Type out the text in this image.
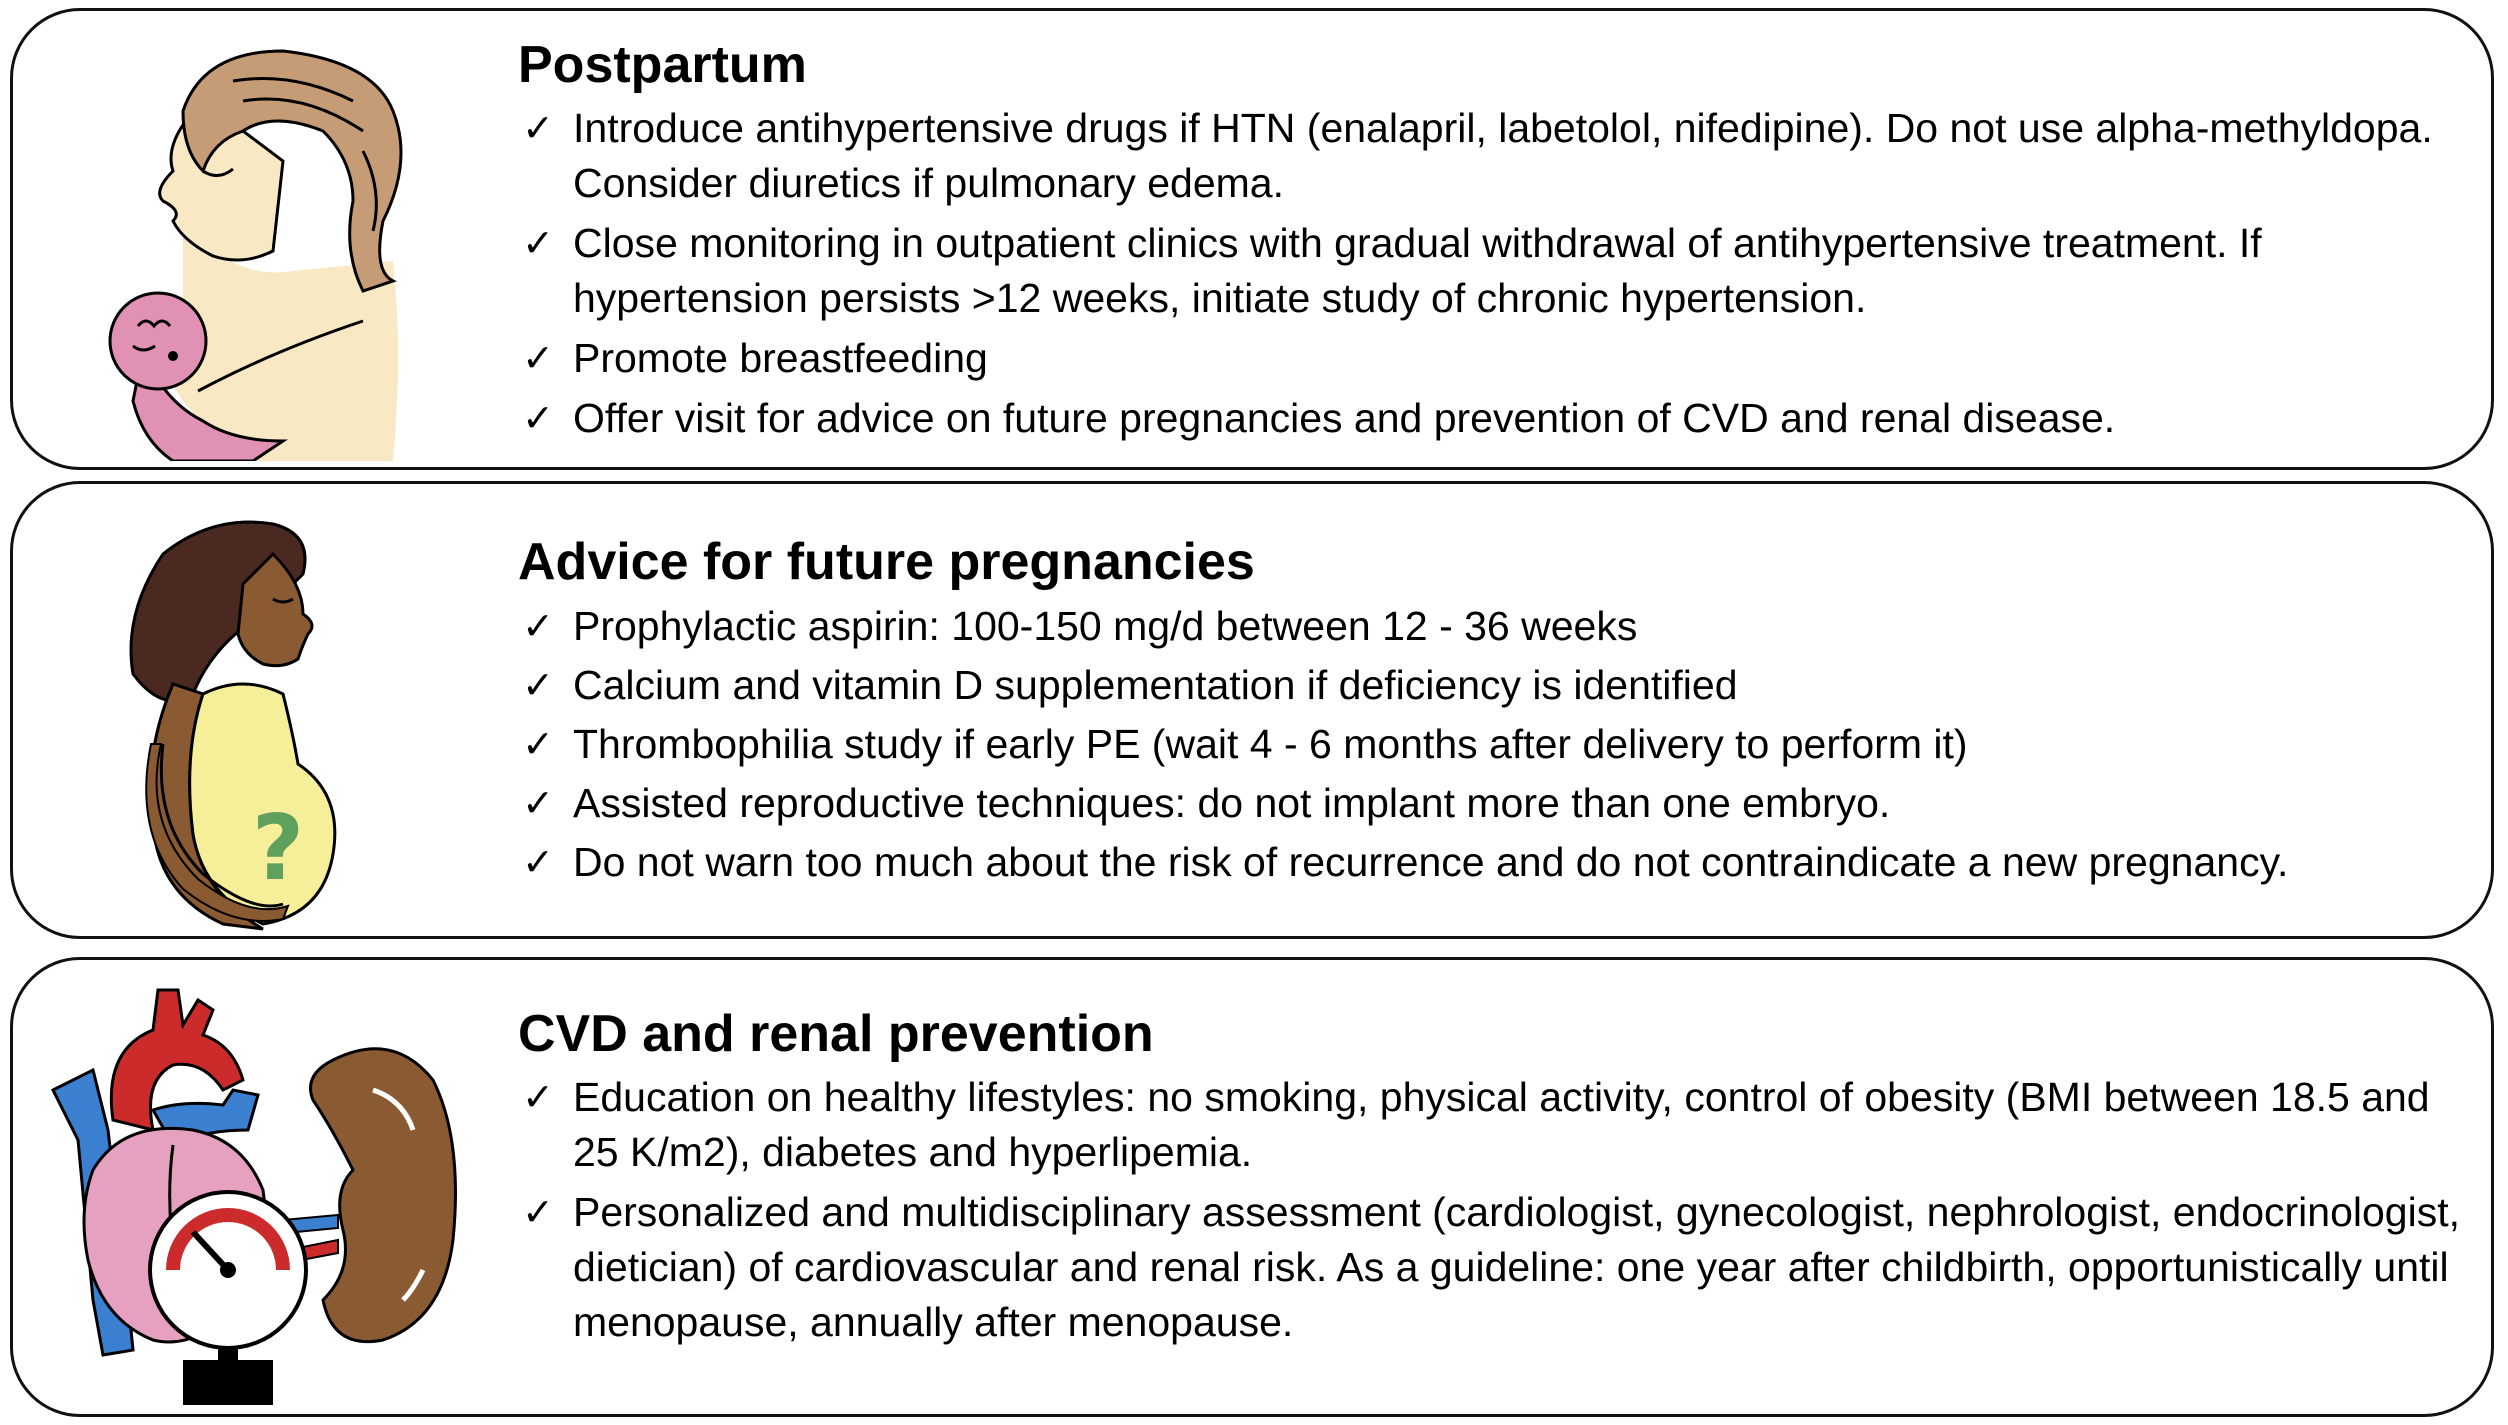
Postpartum
✓ Introduce antihypertensive drugs if HTN (enalapril, labetolol, nifedipine). Do not use alpha-methyldopa. Consider diuretics if pulmonary edema.
✓ Close monitoring in outpatient clinics with gradual withdrawal of antihypertensive treatment. If hypertension persists >12 weeks, initiate study of chronic hypertension.
✓ Promote breastfeeding
✓ Offer visit for advice on future pregnancies and prevention of CVD and renal disease.
?
Advice for future pregnancies
✓ Prophylactic aspirin: 100-150 mg/d between 12 - 36 weeks
✓ Calcium and vitamin D supplementation if deficiency is identified
✓ Thrombophilia study if early PE (wait 4 - 6 months after delivery to perform it)
✓ Assisted reproductive techniques: do not implant more than one embryo.
✓ Do not warn too much about the risk of recurrence and do not contraindicate a new pregnancy.
CVD and renal prevention
✓ Education on healthy lifestyles: no smoking, physical activity, control of obesity (BMI between 18.5 and 25 K/m2), diabetes and hyperlipemia.
✓ Personalized and multidisciplinary assessment (cardiologist, gynecologist, nephrologist, endocrinologist, dietician) of cardiovascular and renal risk. As a guideline: one year after childbirth, opportunistically until menopause, annually after menopause.
